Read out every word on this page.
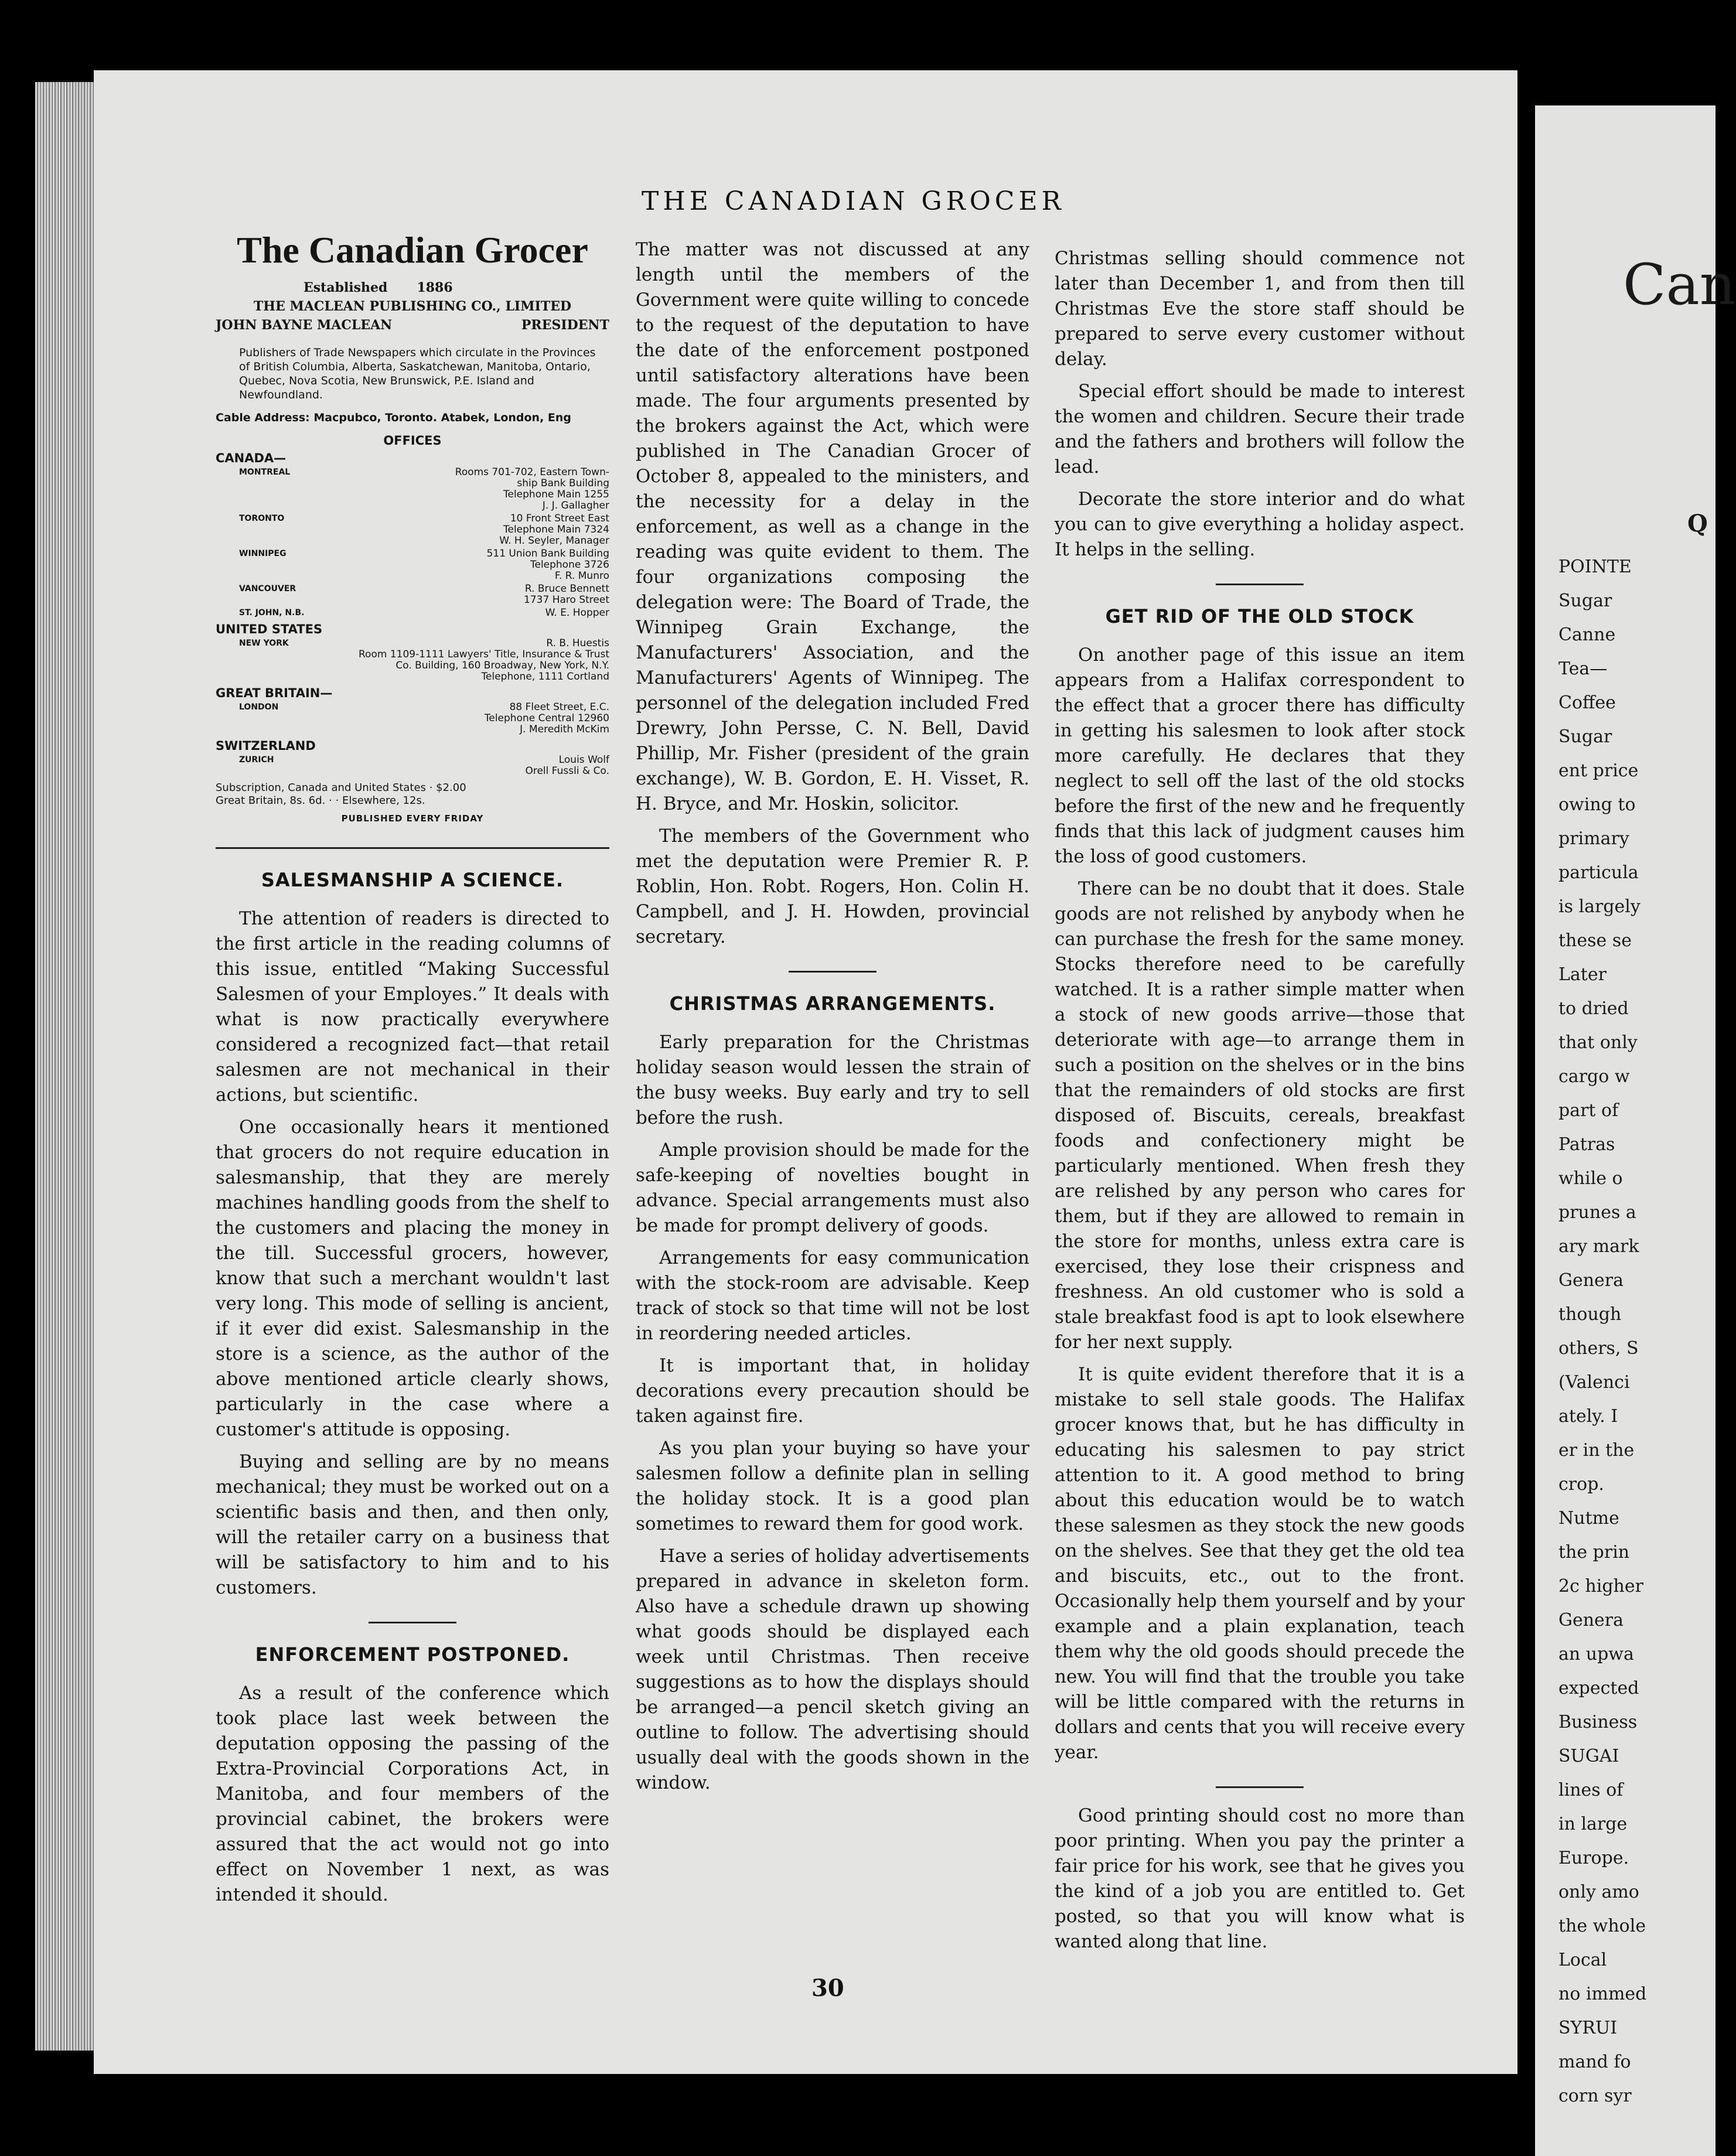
Can
Q
POINTE
Sugar
Canne
Tea—
Coffee
Sugar
ent price
owing to
primary
particula
is largely
these se
Later
to dried
that only
cargo w
part of
Patras
while o
prunes a
ary mark
Genera
though
others, S
(Valenci
ately. I
er in the
crop.
Nutme
the prin
2c higher
Genera
an upwa
expected
Business
SUGAI
lines of
in large
Europe.
only amo
the whole
Local
no immed
SYRUI
mand fo
corn syr
THE CANADIAN GROCER
The Canadian Grocer
Established 1886
THE MACLEAN PUBLISHING CO., LIMITED
JOHN BAYNE MACLEAN	PRESIDENT
Publishers of Trade Newspapers which circulate in the Provinces of British Columbia, Alberta, Saskatchewan, Manitoba, Ontario, Quebec, Nova Scotia, New Brunswick, P.E. Island and Newfoundland.
Cable Address: Macpubco, Toronto. Atabek, London, Eng
OFFICES
CANADA—
MONTREAL	Rooms 701-702, Eastern Town-
ship Bank Building
Telephone Main 1255
J. J. Gallagher
TORONTO	10 Front Street East
Telephone Main 7324
W. H. Seyler, Manager
WINNIPEG	511 Union Bank Building
Telephone 3726
F. R. Munro
VANCOUVER	R. Bruce Bennett
1737 Haro Street
ST. JOHN, N.B.	W. E. Hopper
UNITED STATES
NEW YORK	R. B. Huestis
Room 1109-1111 Lawyers' Title, Insurance & Trust
Co. Building, 160 Broadway, New York, N.Y.
Telephone, 1111 Cortland
GREAT BRITAIN—
LONDON	88 Fleet Street, E.C.
Telephone Central 12960
J. Meredith McKim
SWITZERLAND
ZURICH	Louis Wolf
Orell Fussli & Co.
Subscription, Canada and United States · $2.00
Great Britain, 8s. 6d. · · Elsewhere, 12s.
PUBLISHED EVERY FRIDAY
SALESMANSHIP A SCIENCE.

The attention of readers is directed to the first article in the reading columns of this issue, entitled “Making Successful Salesmen of your Employes.” It deals with what is now practically everywhere considered a recognized fact—that retail salesmen are not mechanical in their actions, but scientific.

One occasionally hears it mentioned that grocers do not require education in salesmanship, that they are merely machines handling goods from the shelf to the customers and placing the money in the till. Successful grocers, however, know that such a merchant wouldn't last very long. This mode of selling is ancient, if it ever did exist. Salesmanship in the store is a science, as the author of the above mentioned article clearly shows, particularly in the case where a customer's attitude is opposing.

Buying and selling are by no means mechanical; they must be worked out on a scientific basis and then, and then only, will the retailer carry on a business that will be satisfactory to him and to his customers.

ENFORCEMENT POSTPONED.

As a result of the conference which took place last week between the deputation opposing the passing of the Extra-Provincial Corporations Act, in Manitoba, and four members of the provincial cabinet, the brokers were assured that the act would not go into effect on November 1 next, as was intended it should.

The matter was not discussed at any length until the members of the Government were quite willing to concede to the request of the deputation to have the date of the enforcement postponed until satisfactory alterations have been made. The four arguments presented by the brokers against the Act, which were published in The Canadian Grocer of October 8, appealed to the ministers, and the necessity for a delay in the enforcement, as well as a change in the reading was quite evident to them. The four organizations composing the delegation were: The Board of Trade, the Winnipeg Grain Exchange, the Manufacturers' Association, and the Manufacturers' Agents of Winnipeg. The personnel of the delegation included Fred Drewry, John Persse, C. N. Bell, David Phillip, Mr. Fisher (president of the grain exchange), W. B. Gordon, E. H. Visset, R. H. Bryce, and Mr. Hoskin, solicitor.

The members of the Government who met the deputation were Premier R. P. Roblin, Hon. Robt. Rogers, Hon. Colin H. Campbell, and J. H. Howden, provincial secretary.

CHRISTMAS ARRANGEMENTS.

Early preparation for the Christmas holiday season would lessen the strain of the busy weeks. Buy early and try to sell before the rush.

Ample provision should be made for the safe-keeping of novelties bought in advance. Special arrangements must also be made for prompt delivery of goods.

Arrangements for easy communication with the stock-room are advisable. Keep track of stock so that time will not be lost in reordering needed articles.

It is important that, in holiday decorations every precaution should be taken against fire.

As you plan your buying so have your salesmen follow a definite plan in selling the holiday stock. It is a good plan sometimes to reward them for good work.

Have a series of holiday advertisements prepared in advance in skeleton form. Also have a schedule drawn up showing what goods should be displayed each week until Christmas. Then receive suggestions as to how the displays should be arranged—a pencil sketch giving an outline to follow. The advertising should usually deal with the goods shown in the window.

Christmas selling should commence not later than December 1, and from then till Christmas Eve the store staff should be prepared to serve every customer without delay.

Special effort should be made to interest the women and children. Secure their trade and the fathers and brothers will follow the lead.

Decorate the store interior and do what you can to give everything a holiday aspect. It helps in the selling.

GET RID OF THE OLD STOCK

On another page of this issue an item appears from a Halifax correspondent to the effect that a grocer there has difficulty in getting his salesmen to look after stock more carefully. He declares that they neglect to sell off the last of the old stocks before the first of the new and he frequently finds that this lack of judgment causes him the loss of good customers.

There can be no doubt that it does. Stale goods are not relished by anybody when he can purchase the fresh for the same money. Stocks therefore need to be carefully watched. It is a rather simple matter when a stock of new goods arrive—those that deteriorate with age—to arrange them in such a position on the shelves or in the bins that the remainders of old stocks are first disposed of. Biscuits, cereals, breakfast foods and confectionery might be particularly mentioned. When fresh they are relished by any person who cares for them, but if they are allowed to remain in the store for months, unless extra care is exercised, they lose their crispness and freshness. An old customer who is sold a stale breakfast food is apt to look elsewhere for her next supply.

It is quite evident therefore that it is a mistake to sell stale goods. The Halifax grocer knows that, but he has difficulty in educating his salesmen to pay strict attention to it. A good method to bring about this education would be to watch these salesmen as they stock the new goods on the shelves. See that they get the old tea and biscuits, etc., out to the front. Occasionally help them yourself and by your example and a plain explanation, teach them why the old goods should precede the new. You will find that the trouble you take will be little compared with the returns in dollars and cents that you will receive every year.

Good printing should cost no more than poor printing. When you pay the printer a fair price for his work, see that he gives you the kind of a job you are entitled to. Get posted, so that you will know what is wanted along that line.

30
